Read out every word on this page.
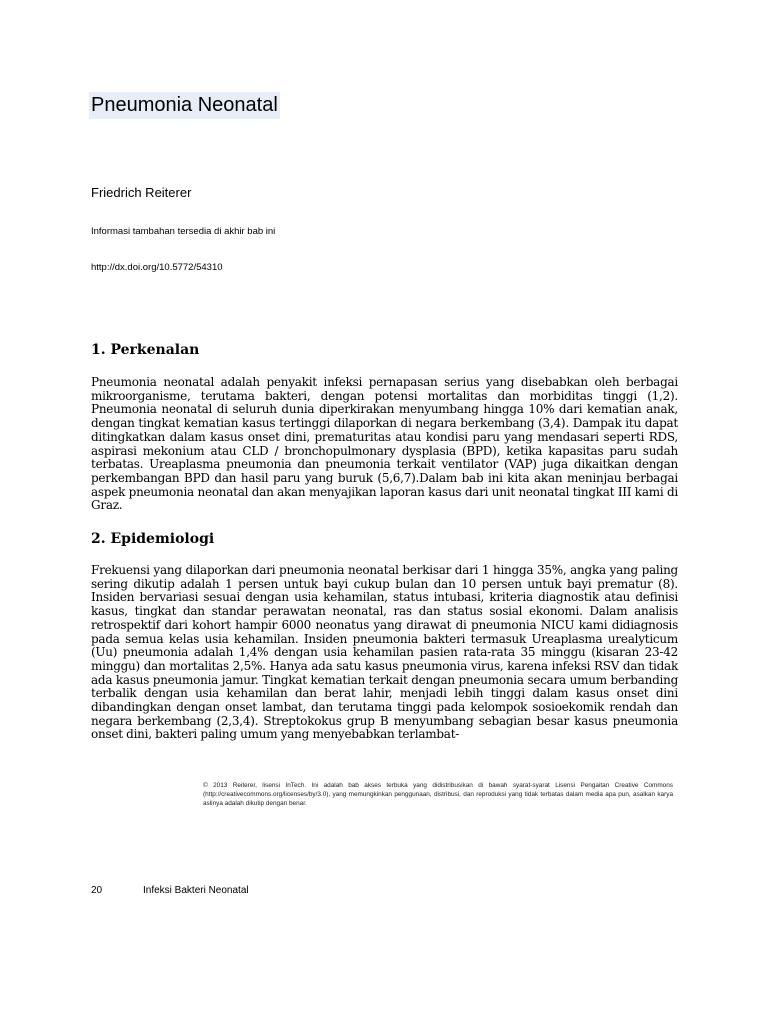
Pneumonia Neonatal
Friedrich Reiterer
Informasi tambahan tersedia di akhir bab ini
http://dx.doi.org/10.5772/54310
1. Perkenalan

Pneumonia neonatal adalah penyakit infeksi pernapasan serius yang disebabkan oleh berbagai mikroorganisme, terutama bakteri, dengan potensi mortalitas dan morbiditas tinggi (1,2). Pneumonia neonatal di seluruh dunia diperkirakan menyumbang hingga 10% dari kematian anak, dengan tingkat kematian kasus tertinggi dilaporkan di negara berkembang (3,4). Dampak itu dapat ditingkatkan dalam kasus onset dini, prematuritas atau kondisi paru yang mendasari seperti RDS, aspirasi mekonium atau CLD / bronchopulmonary dysplasia (BPD), ketika kapasitas paru sudah terbatas. Ureaplasma pneumonia dan pneumonia terkait ventilator (VAP) juga dikaitkan dengan perkembangan BPD dan hasil paru yang buruk (5,6,7).Dalam bab ini kita akan meninjau berbagai aspek pneumonia neonatal dan akan menyajikan laporan kasus dari unit neonatal tingkat III kami di Graz.

2. Epidemiologi

Frekuensi yang dilaporkan dari pneumonia neonatal berkisar dari 1 hingga 35%, angka yang paling sering dikutip adalah 1 persen untuk bayi cukup bulan dan 10 persen untuk bayi prematur (8). Insiden bervariasi sesuai dengan usia kehamilan, status intubasi, kriteria diagnostik atau definisi kasus, tingkat dan standar perawatan neonatal, ras dan status sosial ekonomi. Dalam analisis retrospektif dari kohort hampir 6000 neonatus yang dirawat di pneumonia NICU kami didiagnosis pada semua kelas usia kehamilan. Insiden pneumonia bakteri termasuk Ureaplasma urealyticum (Uu) pneumonia adalah 1,4% dengan usia kehamilan pasien rata-rata 35 minggu (kisaran 23-42 minggu) dan mortalitas 2,5%. Hanya ada satu kasus pneumonia virus, karena infeksi RSV dan tidak ada kasus pneumonia jamur. Tingkat kematian terkait dengan pneumonia secara umum berbanding terbalik dengan usia kehamilan dan berat lahir, menjadi lebih tinggi dalam kasus onset dini dibandingkan dengan onset lambat, dan terutama tinggi pada kelompok sosioekomik rendah dan negara berkembang (2,3,4). Streptokokus grup B menyumbang sebagian besar kasus pneumonia onset dini, bakteri paling umum yang menyebabkan terlambat-

© 2013 Reiterer, lisensi InTech. Ini adalah bab akses terbuka yang didistribusikan di bawah syarat-syarat Lisensi Pengaitan Creative Commons (http://creativecommons.org/licenses/by/3.0), yang memungkinkan penggunaan, distribusi, dan reproduksi yang tidak terbatas dalam media apa pun, asalkan karya aslinya adalah dikutip dengan benar.

20	Infeksi Bakteri Neonatal
